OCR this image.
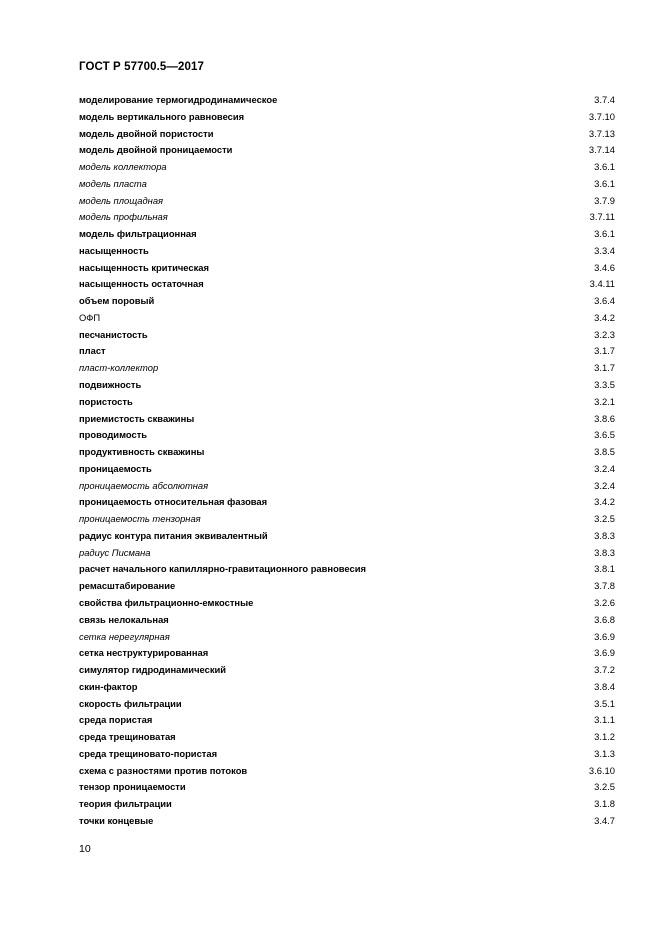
ГОСТ Р 57700.5—2017
моделирование термогидродинамическое	3.7.4
модель вертикального равновесия	3.7.10
модель двойной пористости	3.7.13
модель двойной проницаемости	3.7.14
модель коллектора	3.6.1
модель пласта	3.6.1
модель площадная	3.7.9
модель профильная	3.7.11
модель фильтрационная	3.6.1
насыщенность	3.3.4
насыщенность критическая	3.4.6
насыщенность остаточная	3.4.11
объем поровый	3.6.4
ОФП	3.4.2
песчанистость	3.2.3
пласт	3.1.7
пласт-коллектор	3.1.7
подвижность	3.3.5
пористость	3.2.1
приемистость скважины	3.8.6
проводимость	3.6.5
продуктивность скважины	3.8.5
проницаемость	3.2.4
проницаемость абсолютная	3.2.4
проницаемость относительная фазовая	3.4.2
проницаемость тензорная	3.2.5
радиус контура питания эквивалентный	3.8.3
радиус Писмана	3.8.3
расчет начального капиллярно-гравитационного равновесия	3.8.1
ремасштабирование	3.7.8
свойства фильтрационно-емкостные	3.2.6
связь нелокальная	3.6.8
сетка нерегулярная	3.6.9
сетка неструктурированная	3.6.9
симулятор гидродинамический	3.7.2
скин-фактор	3.8.4
скорость фильтрации	3.5.1
среда пористая	3.1.1
среда трещиноватая	3.1.2
среда трещиновато-пористая	3.1.3
схема с разностями против потоков	3.6.10
тензор проницаемости	3.2.5
теория фильтрации	3.1.8
точки концевые	3.4.7
10
